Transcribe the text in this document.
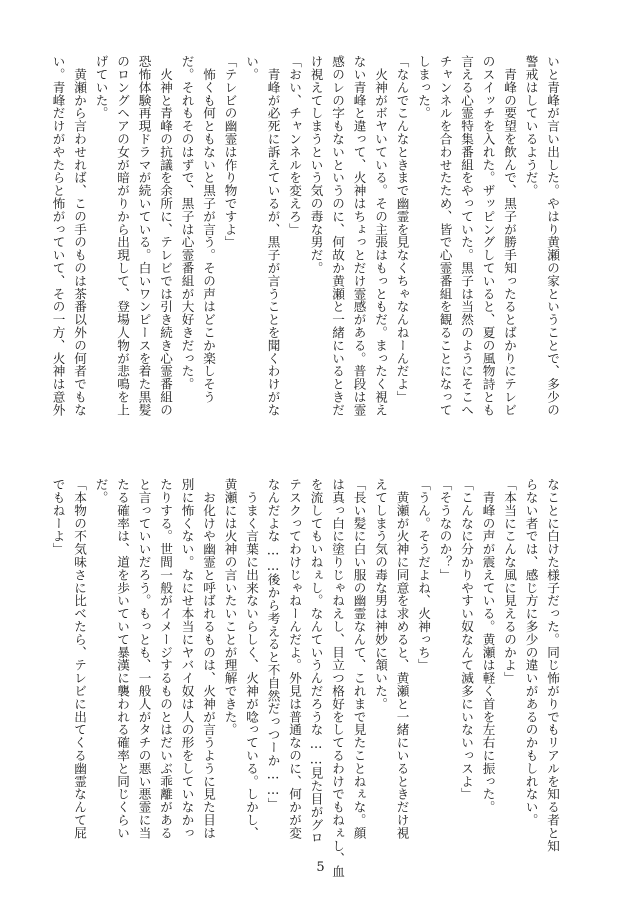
いと青峰が言い出した。やはり黄瀬の家ということで、多少の
警戒はしているようだ。
　青峰の要望を飲んで、黒子が勝手知ったるとばかりにテレビ
のスイッチを入れた。ザッピングしていると、夏の風物詩とも
言える心霊特集番組をやっていた。黒子は当然のようにそこへ
チャンネルを合わせたため、皆で心霊番組を観ることになって
しまった。
「なんでこんなときまで幽霊を見なくちゃなんねーんだよ」
　火神がボヤいている。その主張はもっともだ。まったく視え
ない青峰と違って、火神はちょっとだけ霊感がある。普段は霊
感のレの字もないというのに、何故か黄瀬と一緒にいるときだ
け視えてしまうという気の毒な男だ。
「おい、チャンネルを変えろ」
　青峰が必死に訴えているが、黒子が言うことを聞くわけがな
い。
「テレビの幽霊は作り物ですよ」
　怖くも何ともないと黒子が言う。その声はどこか楽しそう
だ。それもそのはずで、黒子は心霊番組が大好きだった。
　火神と青峰の抗議を余所に、テレビでは引き続き心霊番組の
恐怖体験再現ドラマが続いている。白いワンピースを着た黒髪
のロングヘアの女が暗がりから出現して、登場人物が悲鳴を上
げていた。
　黄瀬から言わせれば、この手のものは茶番以外の何者でもな
い。青峰だけがやたらと怖がっていて、その一方、火神は意外
なことに白けた様子だった。同じ怖がりでもリアルを知る者と知
らない者では、感じ方に多少の違いがあるのかもしれない。
「本当にこんな風に見えるのかよ」
　青峰の声が震えている。黄瀬は軽く首を左右に振った。
「こんなに分かりやすい奴なんて滅多にいないっスよ」
「そうなのか？」
「うん。そうだよね、火神っち」
　黄瀬が火神に同意を求めると、黄瀬と一緒にいるときだけ視
えてしまう気の毒な男は神妙に頷いた。
「長い髪に白い服の幽霊なんて、これまで見たことねぇな。顔
は真っ白に塗りじゃねえし、目立つ格好をしてるわけでもねぇし、血
を流してもいねぇし。なんていうんだろうな……見た目がグロ
テスクってわけじゃねーんだよ。外見は普通なのに、何かが変
なんだよな……後から考えると不自然だっつーか……」
　うまく言葉に出来ないらしく、火神が唸っている。しかし、
黄瀬には火神の言いたいことが理解できた。
　お化けや幽霊と呼ばれるものは、火神が言うように見た目は
別に怖くない。なにせ本当にヤバイ奴は人の形をしていなかっ
たりする。世間一般がイメージするものとはだいぶ乖離がある
と言っていいだろう。もっとも、一般人がタチの悪い悪霊に当
たる確率は、道を歩いていて暴漢に襲われる確率と同じくらい
だ。
「本物の不気味さに比べたら、テレビに出てくる幽霊なんて屁
でもねーよ」
5
